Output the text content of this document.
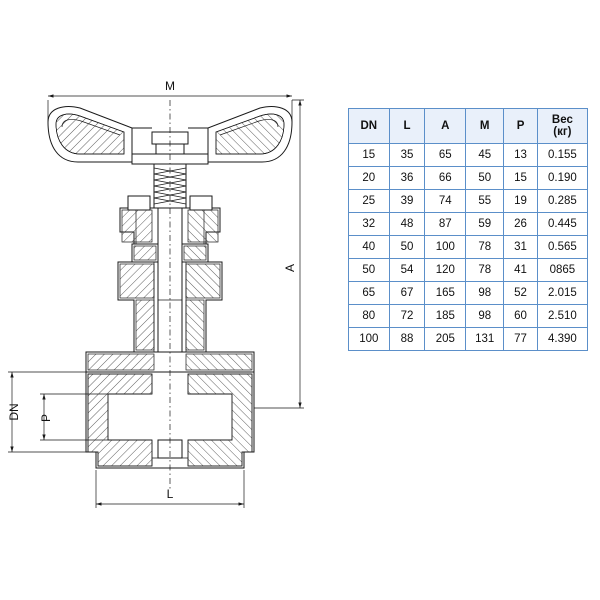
M
A
L
DN P
DN	L	A	M	P	Вес
(кг)

15	35	65	45	13	0.155
20	36	66	50	15	0.190
25	39	74	55	19	0.285
32	48	87	59	26	0.445
40	50	100	78	31	0.565
50	54	120	78	41	0865
65	67	165	98	52	2.015
80	72	185	98	60	2.510
100	88	205	131	77	4.390
